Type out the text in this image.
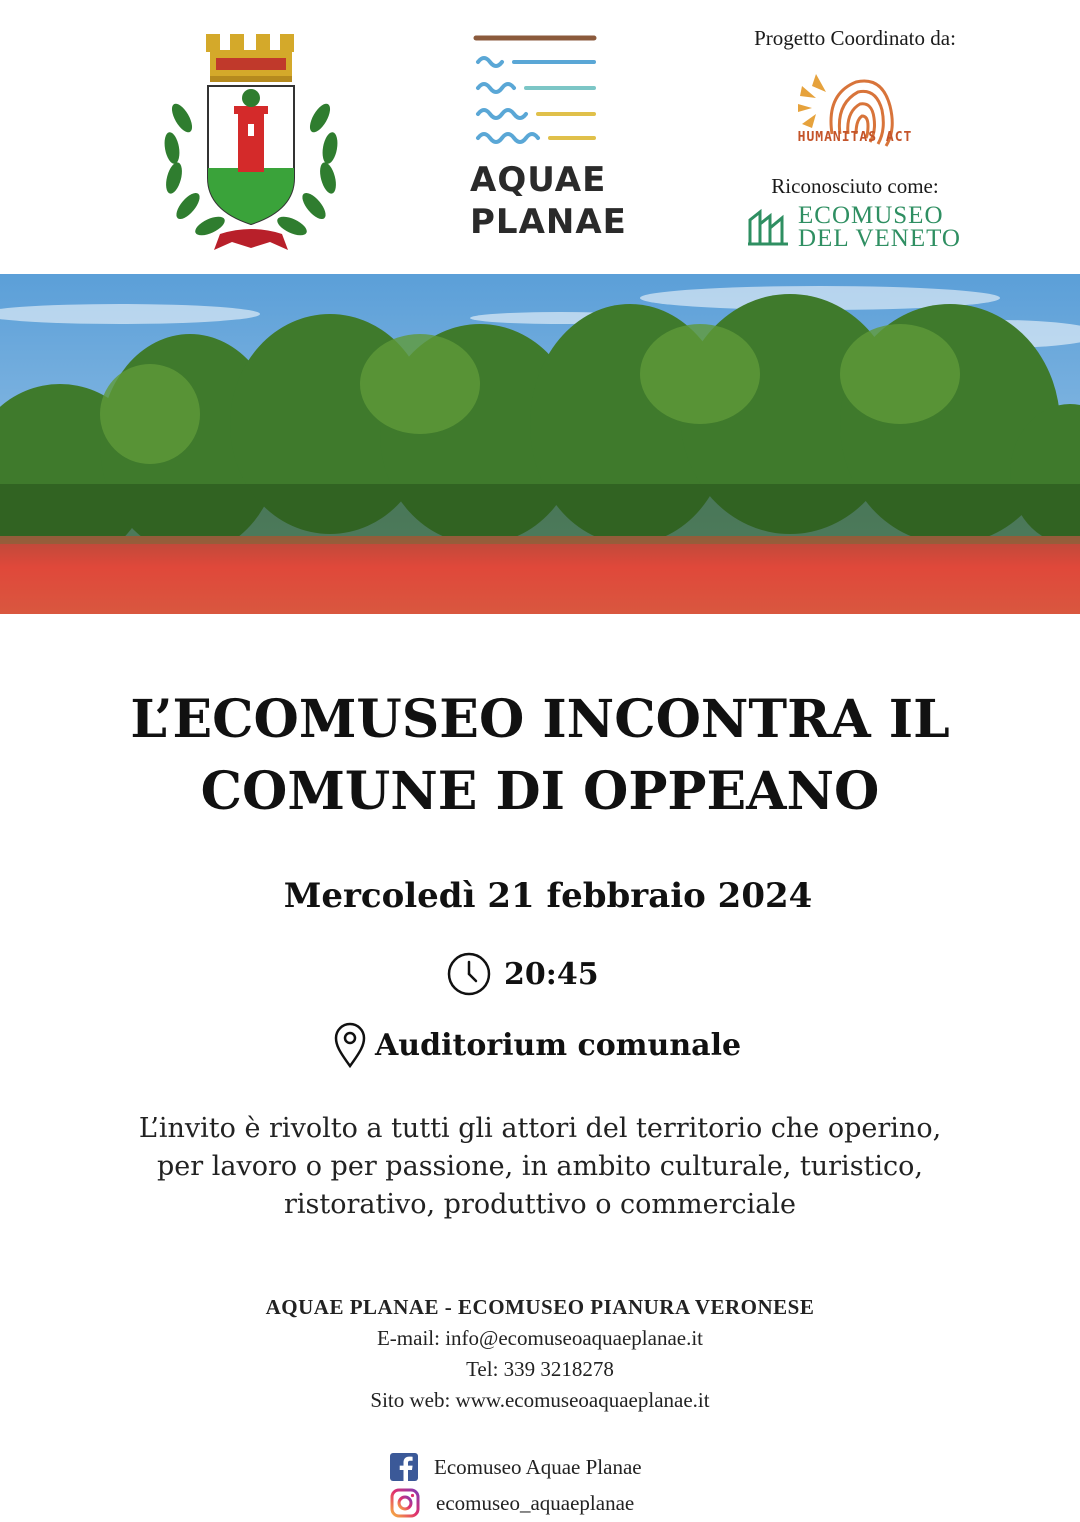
AQUAE
PLANAE
Progetto Coordinato da:
HUMANITAS ACT
Riconosciuto come:
ECOMUSEO
DEL VENETO
L’ECOMUSEO INCONTRA IL
COMUNE DI OPPEANO
Mercoledì 21 febbraio 2024
20:45
Auditorium comunale
L’invito è rivolto a tutti gli attori del territorio che operino,
per lavoro o per passione, in ambito culturale, turistico,
ristorativo, produttivo o commerciale
AQUAE PLANAE - ECOMUSEO PIANURA VERONESE
E-mail: info@ecomuseoaquaeplanae.it
Tel: 339 3218278
Sito web: www.ecomuseoaquaeplanae.it
Ecomuseo Aquae Planae
ecomuseo_aquaeplanae
